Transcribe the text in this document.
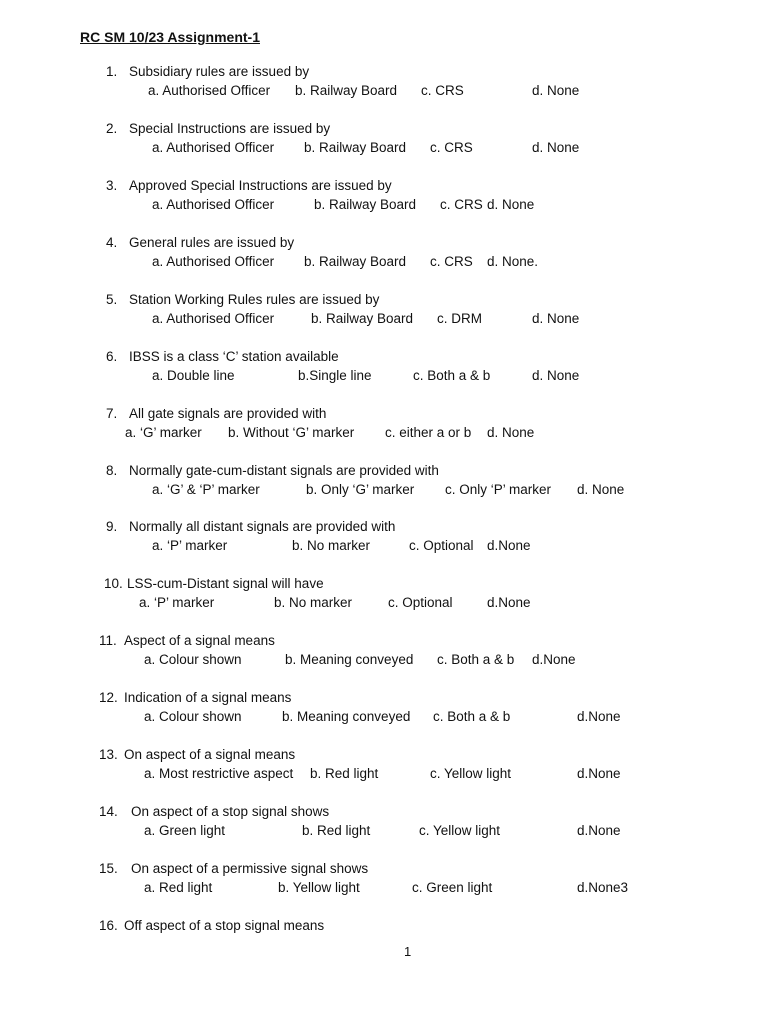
RC SM 10/23 Assignment-1
1. Subsidiary rules are issued by
a. Authorised Officer b. Railway Board c. CRS	d. None
2. Special Instructions are issued by
a. Authorised Officer b. Railway Board c. CRS	d. None
3. Approved Special Instructions are issued by
a. Authorised Officer	b. Railway Board c. CRS d. None
4. General rules are issued by
a. Authorised Officer b. Railway Board c. CRS d. None.
5. Station Working Rules rules are issued by
a. Authorised Officer	b. Railway Board c. DRM	d. None
6. IBSS is a class ‘C’ station available
a. Double line	b.Single line	c. Both a & b	d. None
7. All gate signals are provided with
a. ‘G’ marker b. Without ‘G’ marker c. either a or b d. None
8. Normally gate-cum-distant signals are provided with
a. ‘G’ & ‘P’ marker	b. Only ‘G’ marker c. Only ‘P’ marker d. None
9. Normally all distant signals are provided with
a. ‘P’ marker	b. No marker	c. Optional d.None
10. LSS-cum-Distant signal will have
a. ‘P’ marker	b. No marker	c. Optional	d.None
11. Aspect of a signal means
a. Colour shown	b. Meaning conveyed c. Both a & b d.None
12. Indication of a signal means
a. Colour shown	b. Meaning conveyed c. Both a & b	d.None
13. On aspect of a signal means
a. Most restrictive aspect b. Red light	c. Yellow light	d.None
14. On aspect of a stop signal shows
a. Green light	b. Red light	c. Yellow light	d.None
15. On aspect of a permissive signal shows
a. Red light	b. Yellow light	c. Green light	d.None3
16. Off aspect of a stop signal means
1
